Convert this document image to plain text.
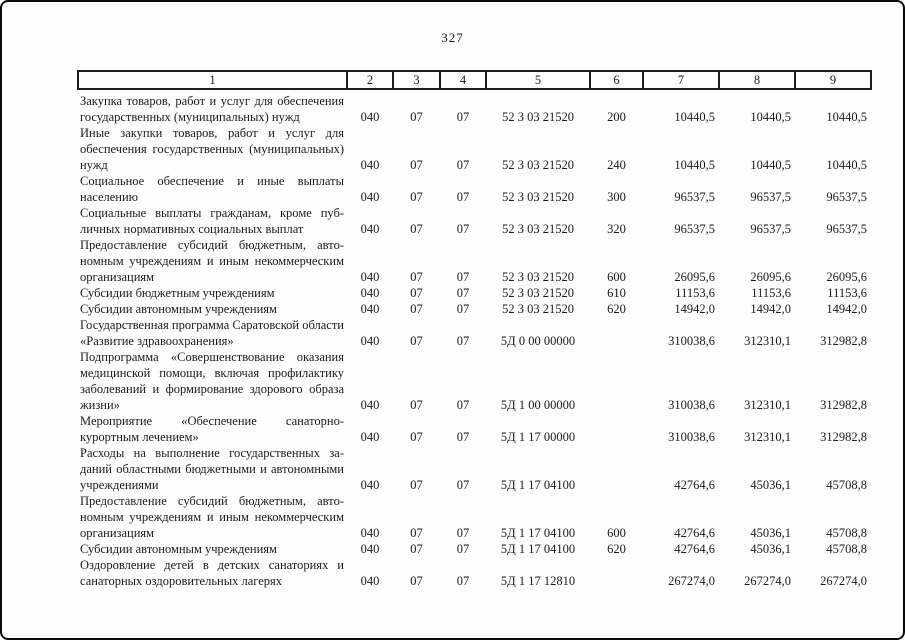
327
1	2	3	4	5	6	7	8	9
Закупка товаров, работ и услуг для обеспечения государственных (муниципальных) нужд	040	07	07	52 3 03 21520	200	10440,5	10440,5	10440,5
Иные закупки товаров, работ и услуг для обеспечения государственных (муниципальных) нужд	040	07	07	52 3 03 21520	240	10440,5	10440,5	10440,5
Социальное обеспечение и иные выплаты населению	040	07	07	52 3 03 21520	300	96537,5	96537,5	96537,5
Социальные выплаты гражданам, кроме публичных нормативных социальных выплат	040	07	07	52 3 03 21520	320	96537,5	96537,5	96537,5
Предоставление субсидий бюджетным, автономным учреждениям и иным некоммерческим организациям	040	07	07	52 3 03 21520	600	26095,6	26095,6	26095,6
Субсидии бюджетным учреждениям	040	07	07	52 3 03 21520	610	11153,6	11153,6	11153,6
Субсидии автономным учреждениям	040	07	07	52 3 03 21520	620	14942,0	14942,0	14942,0
Государственная программа Саратовской области «Развитие здравоохранения»	040	07	07	5Д 0 00 00000		310038,6	312310,1	312982,8
Подпрограмма «Совершенствование оказания медицинской помощи, включая профилактику заболеваний и формирование здорового образа жизни»	040	07	07	5Д 1 00 00000		310038,6	312310,1	312982,8
Мероприятие «Обеспечение санаторно-курортным лечением»	040	07	07	5Д 1 17 00000		310038,6	312310,1	312982,8
Расходы на выполнение государственных заданий областными бюджетными и автономными учреждениями	040	07	07	5Д 1 17 04100		42764,6	45036,1	45708,8
Предоставление субсидий бюджетным, автономным учреждениям и иным некоммерческим организациям	040	07	07	5Д 1 17 04100	600	42764,6	45036,1	45708,8
Субсидии автономным учреждениям	040	07	07	5Д 1 17 04100	620	42764,6	45036,1	45708,8
Оздоровление детей в детских санаториях и санаторных оздоровительных лагерях	040	07	07	5Д 1 17 12810		267274,0	267274,0	267274,0
